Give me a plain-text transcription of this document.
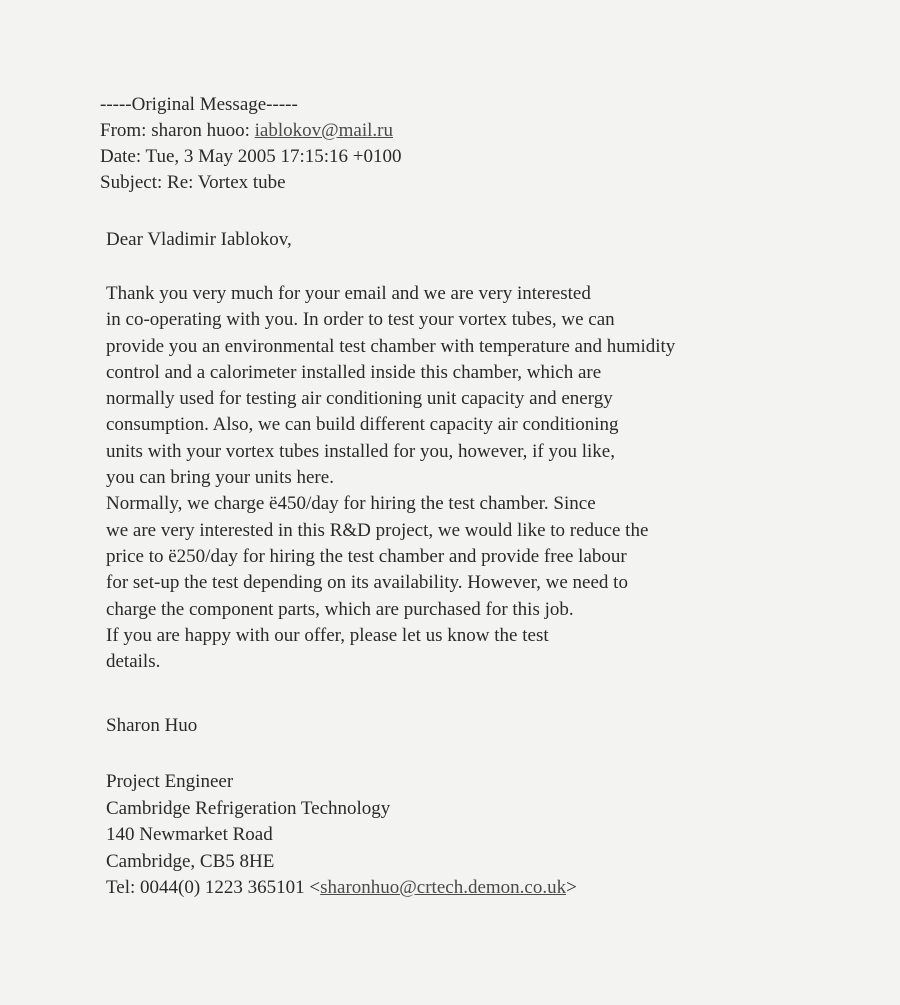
-----Original Message-----
From: sharon huoo: iablokov@mail.ru
Date: Tue, 3 May 2005 17:15:16 +0100
Subject: Re: Vortex tube
Dear Vladimir Iablokov,
Thank you very much for your email and we are very interested
in co-operating with you. In order to test your vortex tubes, we can
provide you an environmental test chamber with temperature and humidity
control and a calorimeter installed inside this chamber, which are
normally used for testing air conditioning unit capacity and energy
consumption. Also, we can build different capacity air conditioning
units with your vortex tubes installed for you, however, if you like,
you can bring your units here.
Normally, we charge ë450/day for hiring the test chamber. Since
we are very interested in this R&D project, we would like to reduce the
price to ë250/day for hiring the test chamber and provide free labour
for set-up the test depending on its availability. However, we need to
charge the component parts, which are purchased for this job.
If you are happy with our offer, please let us know the test
details.
Sharon Huo
Project Engineer
Cambridge Refrigeration Technology
140 Newmarket Road
Cambridge, CB5 8HE
Tel: 0044(0) 1223 365101 <sharonhuo@crtech.demon.co.uk>
